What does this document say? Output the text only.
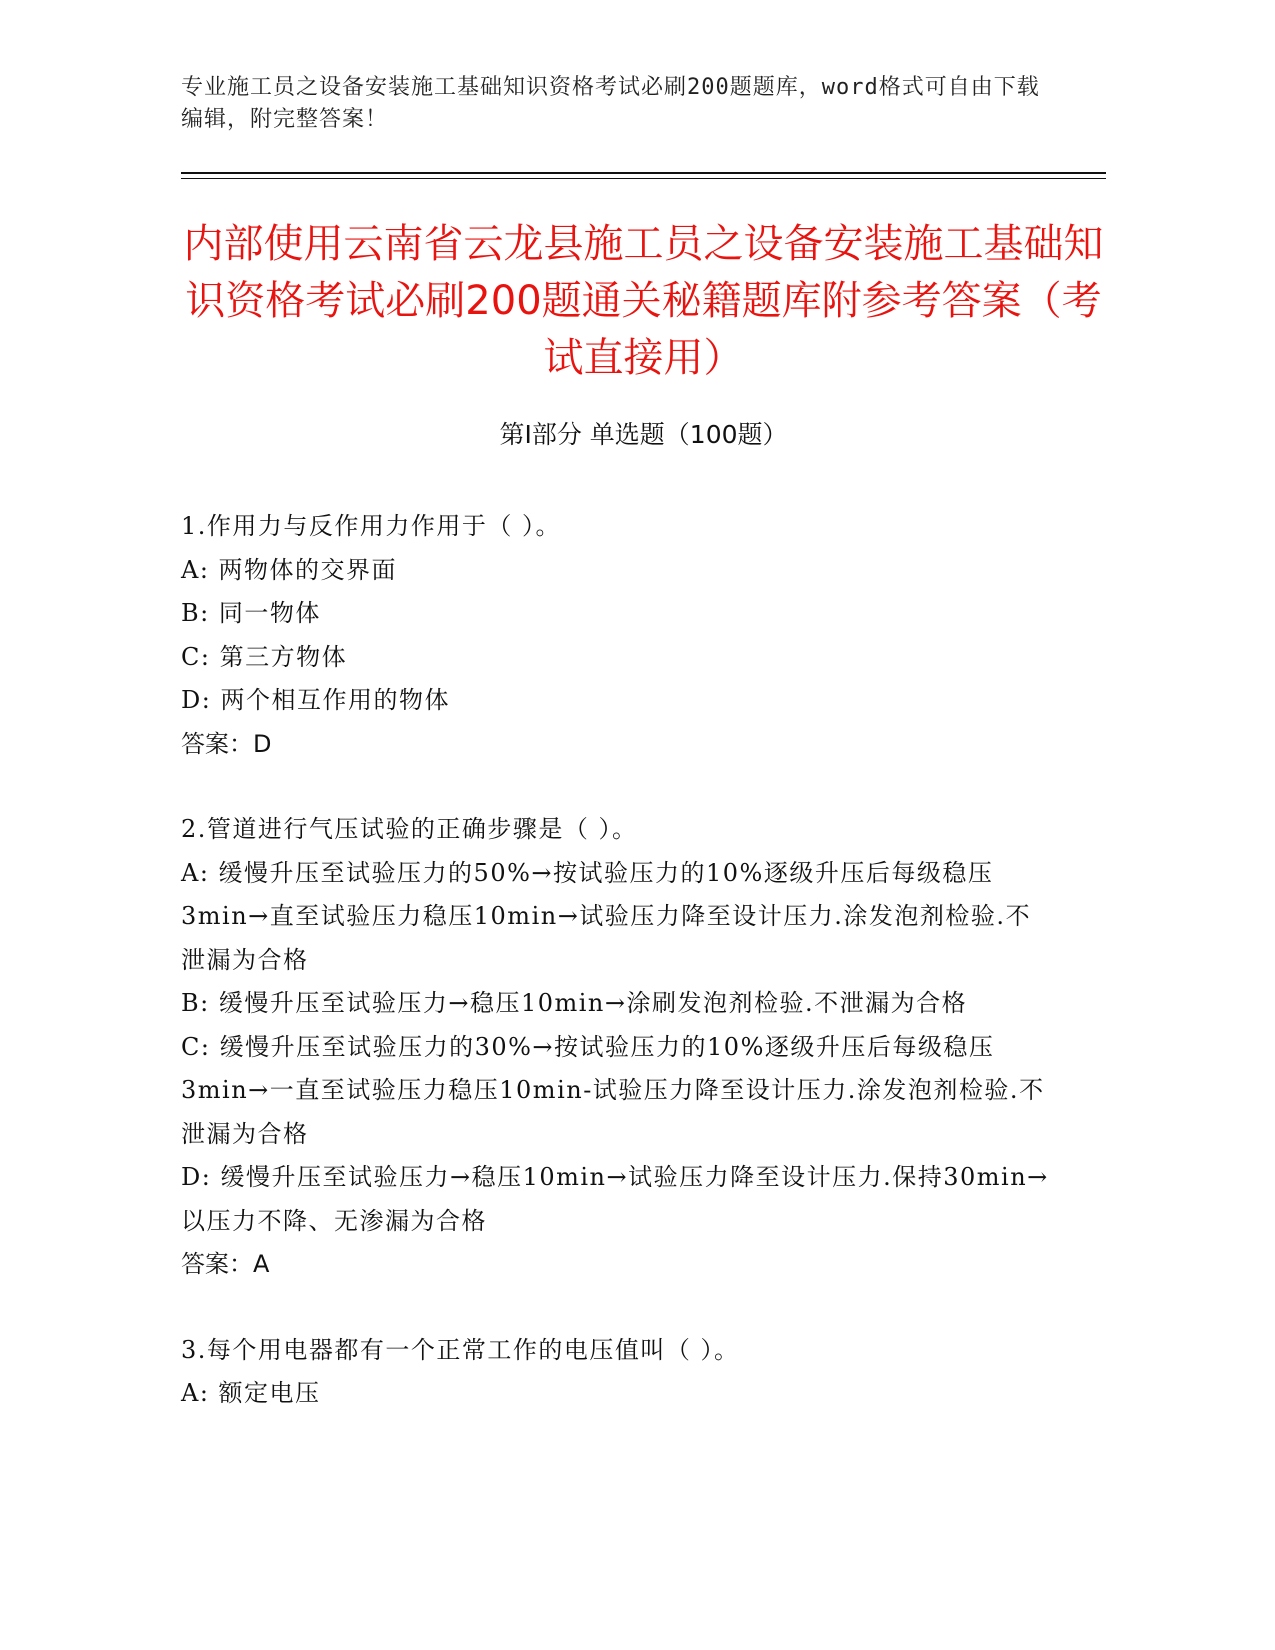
专业施工员之设备安装施工基础知识资格考试必刷200题题库，word格式可自由下载编辑，附完整答案！
内部使用云南省云龙县施工员之设备安装施工基础知识资格考试必刷200题通关秘籍题库附参考答案（考试直接用）
第Ⅰ部分 单选题（100题）
1.作用力与反作用力作用于（ ）。
A: 两物体的交界面
B: 同一物体
C: 第三方物体
D: 两个相互作用的物体
答案：D
2.管道进行气压试验的正确步骤是（ ）。
A: 缓慢升压至试验压力的50%→按试验压力的10%逐级升压后每级稳压3min→直至试验压力稳压10min→试验压力降至设计压力.涂发泡剂检验.不泄漏为合格
B: 缓慢升压至试验压力→稳压10min→涂刷发泡剂检验.不泄漏为合格
C: 缓慢升压至试验压力的30%→按试验压力的10%逐级升压后每级稳压3min→一直至试验压力稳压10min-试验压力降至设计压力.涂发泡剂检验.不泄漏为合格
D: 缓慢升压至试验压力→稳压10min→试验压力降至设计压力.保持30min→以压力不降、无渗漏为合格
答案：A
3.每个用电器都有一个正常工作的电压值叫（ ）。
A: 额定电压
